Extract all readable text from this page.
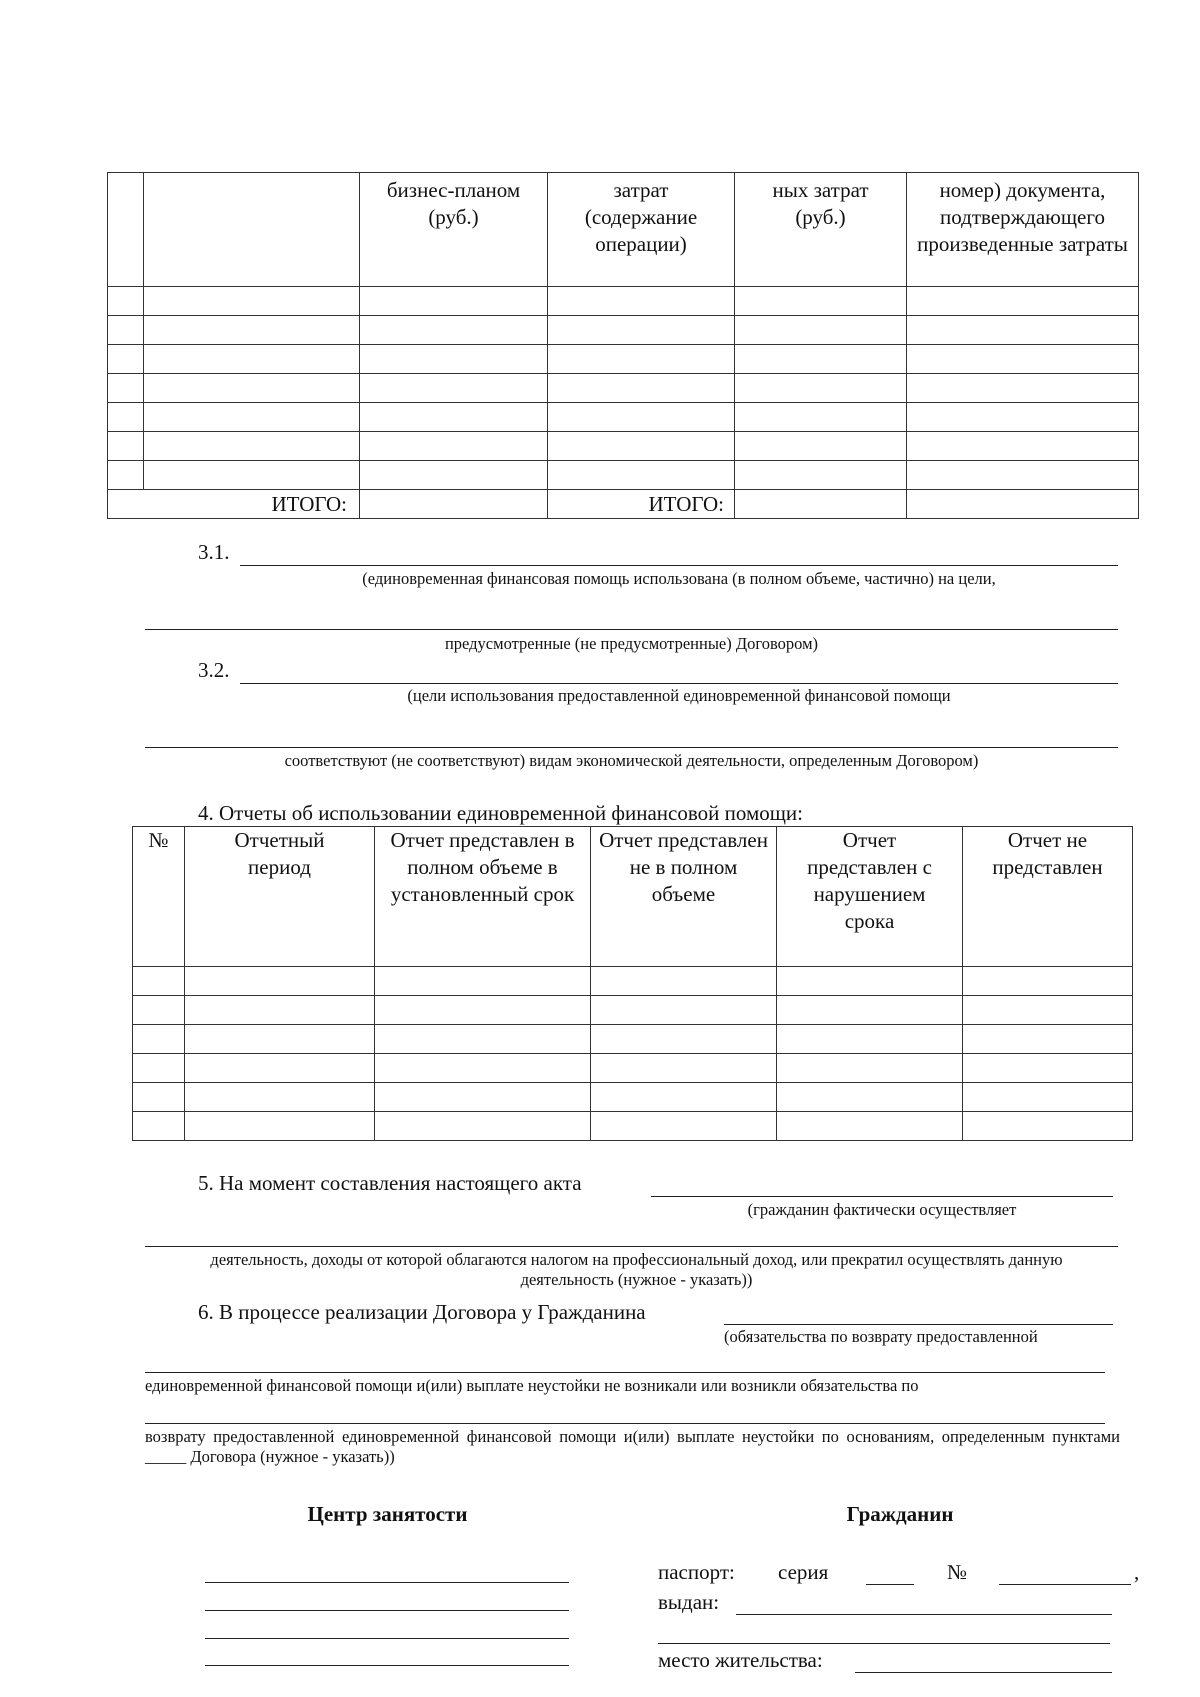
		бизнес-планом (руб.)	затрат (содержание операции)	ных затрат (руб.)	номер) документа, подтверждающего произведенные затраты

ИТОГО:			ИТОГО:		
3.1.
(единовременная финансовая помощь использована (в полном объеме, частично) на цели,
предусмотренные (не предусмотренные) Договором)
3.2.
(цели использования предоставленной единовременной финансовой помощи
соответствуют (не соответствуют) видам экономической деятельности, определенным Договором)
4. Отчеты об использовании единовременной финансовой помощи:
№	Отчетный период	Отчет представлен в полном объеме в установленный срок	Отчет представлен не в полном объеме	Отчет представлен с нарушением срока	Отчет не представлен

5. На момент составления настоящего акта
(гражданин фактически осуществляет
деятельность, доходы от которой облагаются налогом на профессиональный доход, или прекратил осуществлять данную деятельность (нужное - указать))
6. В процессе реализации Договора у Гражданина
(обязательства по возврату предоставленной
единовременной финансовой помощи и(или) выплате неустойки не возникали или возникли обязательства по
возврату предоставленной единовременной финансовой помощи и(или) выплате неустойки по основаниям, определенным пунктами _____ Договора (нужное - указать))
Центр занятости	Гражданин
паспорт: серия	№	,
выдан:
место жительства:
